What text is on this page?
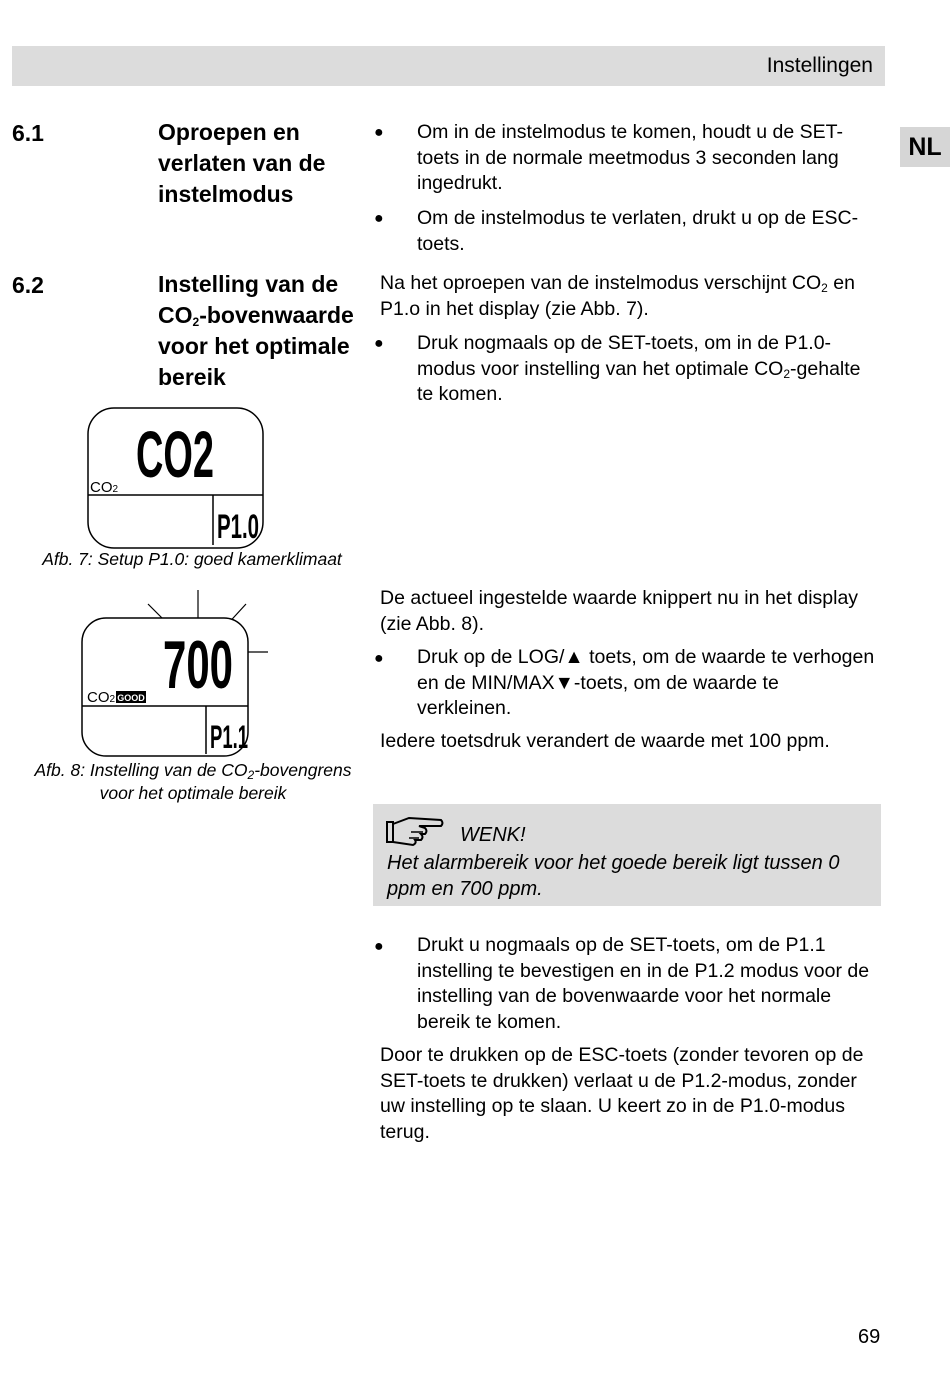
Instellingen
NL
6.1	Oproepen en verlaten van de instelmodus
● Om in de instelmodus te komen, houdt u de SET-toets in de normale meetmodus 3 seconden lang ingedrukt.
● Om de instelmodus te verlaten, drukt u op de ESC-toets.
6.2	Instelling van de $CO_2$-bovenwaarde voor het optimale bereik
Na het oproepen van de instelmodus verschijnt $CO_2$ en P1.o in het display (zie Abb. 7).
● Druk nogmaals op de SET-toets, om in de P1.0-modus voor instelling van het optimale $CO_2$-gehalte te komen.
CO2
CO2
P1.0
Afb. 7: Setup P1.0: goed kamerklimaat
700
CO2 GOOD
P1.1
Afb. 8: Instelling van de $CO_2$-bovengrens
voor het optimale bereik
De actueel ingestelde waarde knippert nu in het display (zie Abb. 8).
● Druk op de LOG/▲ toets, om de waarde te verhogen en de MIN/MAX▼-toets, om de waarde te verkleinen.
Iedere toetsdruk verandert de waarde met 100 ppm.
WENK!
Het alarmbereik voor het goede bereik ligt tussen 0 ppm en 700 ppm.
● Drukt u nogmaals op de SET-toets, om de P1.1 instelling te bevestigen en in de P1.2 modus voor de instelling van de bovenwaarde voor het normale bereik te komen.
Door te drukken op de ESC-toets (zonder tevoren op de SET-toets te drukken) verlaat u de P1.2-modus, zonder uw instelling op te slaan. U keert zo in de P1.0-modus terug.
69
